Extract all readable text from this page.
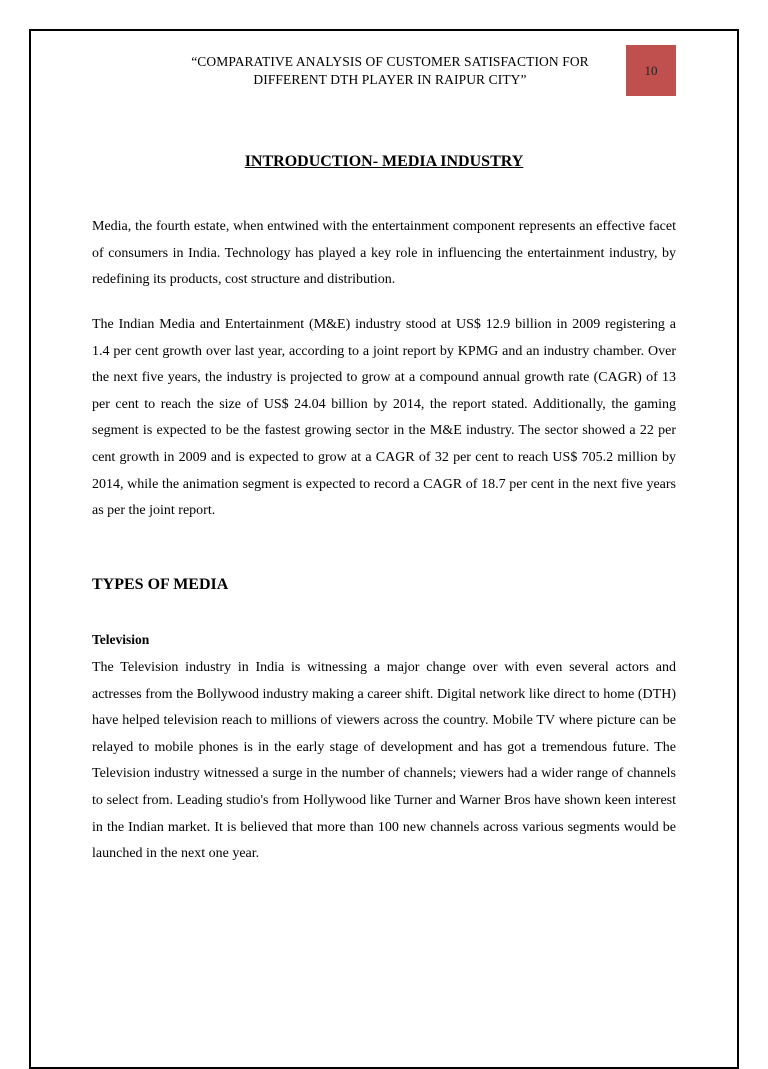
“COMPARATIVE ANALYSIS OF CUSTOMER SATISFACTION FOR
DIFFERENT DTH PLAYER IN RAIPUR CITY”
10
INTRODUCTION- MEDIA INDUSTRY

Media, the fourth estate, when entwined with the entertainment component represents an effective facet of consumers in India. Technology has played a key role in influencing the entertainment industry, by redefining its products, cost structure and distribution.

The Indian Media and Entertainment (M&E) industry stood at US$ 12.9 billion in 2009 registering a 1.4 per cent growth over last year, according to a joint report by KPMG and an industry chamber. Over the next five years, the industry is projected to grow at a compound annual growth rate (CAGR) of 13 per cent to reach the size of US$ 24.04 billion by 2014, the report stated. Additionally, the gaming segment is expected to be the fastest growing sector in the M&E industry. The sector showed a 22 per cent growth in 2009 and is expected to grow at a CAGR of 32 per cent to reach US$ 705.2 million by 2014, while the animation segment is expected to record a CAGR of 18.7 per cent in the next five years as per the joint report.

TYPES OF MEDIA
Television

The Television industry in India is witnessing a major change over with even several actors and actresses from the Bollywood industry making a career shift. Digital network like direct to home (DTH) have helped television reach to millions of viewers across the country. Mobile TV where picture can be relayed to mobile phones is in the early stage of development and has got a tremendous future. The Television industry witnessed a surge in the number of channels; viewers had a wider range of channels to select from. Leading studio's from Hollywood like Turner and Warner Bros have shown keen interest in the Indian market. It is believed that more than 100 new channels across various segments would be launched in the next one year.
